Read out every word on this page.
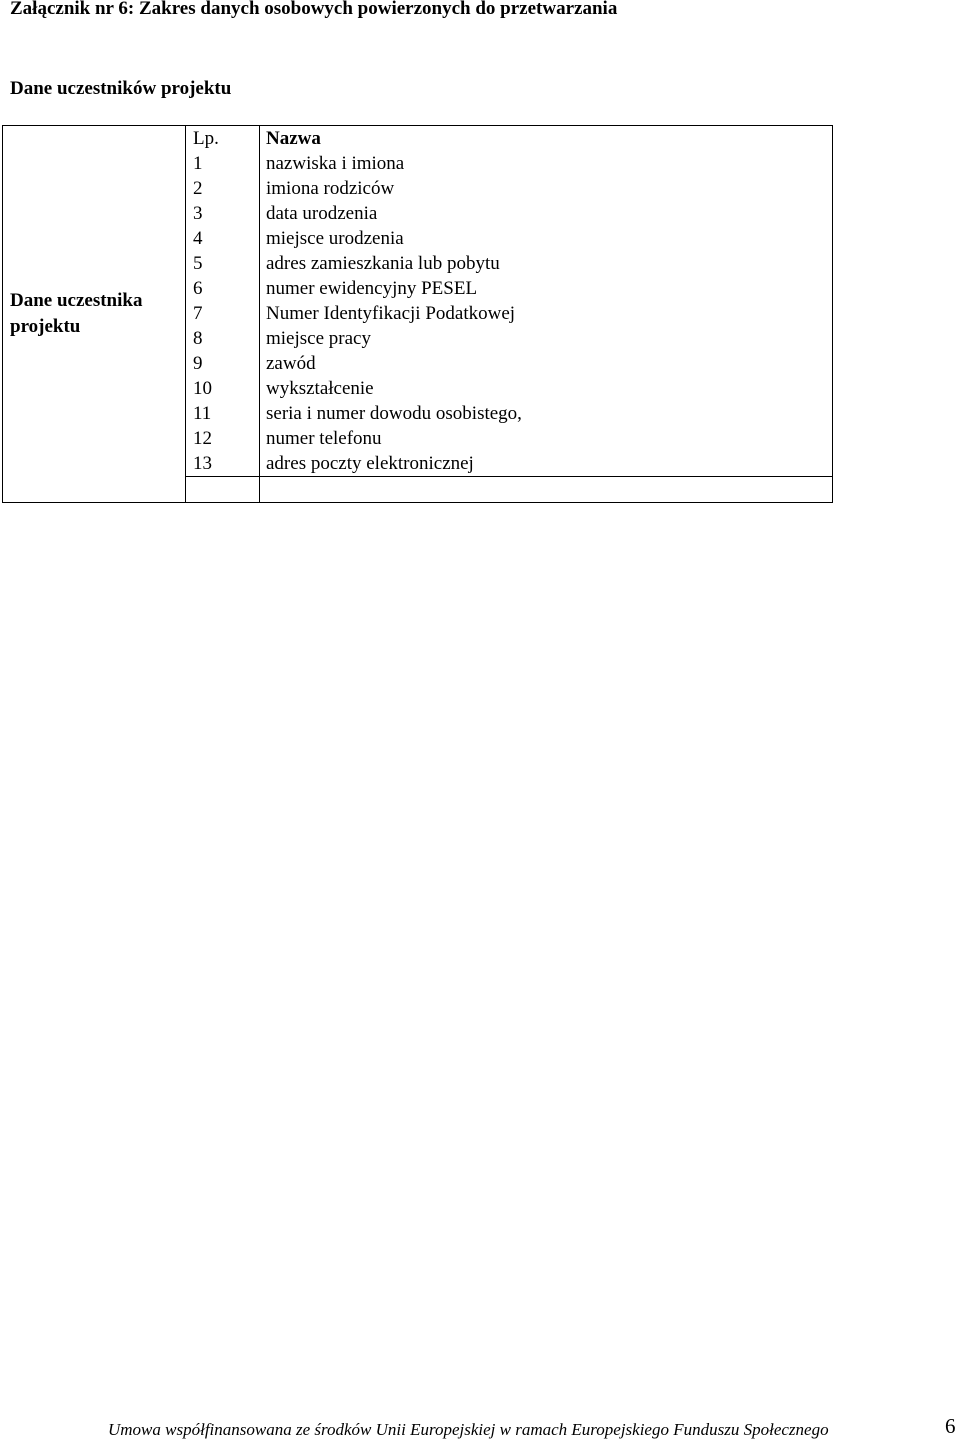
Załącznik nr 6: Zakres danych osobowych powierzonych do przetwarzania
Dane uczestników projektu
Dane uczestnika
projektu	Lp.	Nazwa
	1	nazwiska i imiona
	2	imiona rodziców
	3	data urodzenia
	4	miejsce urodzenia
	5	adres zamieszkania lub pobytu
	6	numer ewidencyjny PESEL
	7	Numer Identyfikacji Podatkowej
	8	miejsce pracy
	9	zawód
	10	wykształcenie
	11	seria i numer dowodu osobistego,
	12	numer telefonu
	13	adres poczty elektronicznej

Umowa współfinansowana ze środków Unii Europejskiej w ramach Europejskiego Funduszu Społecznego	6
